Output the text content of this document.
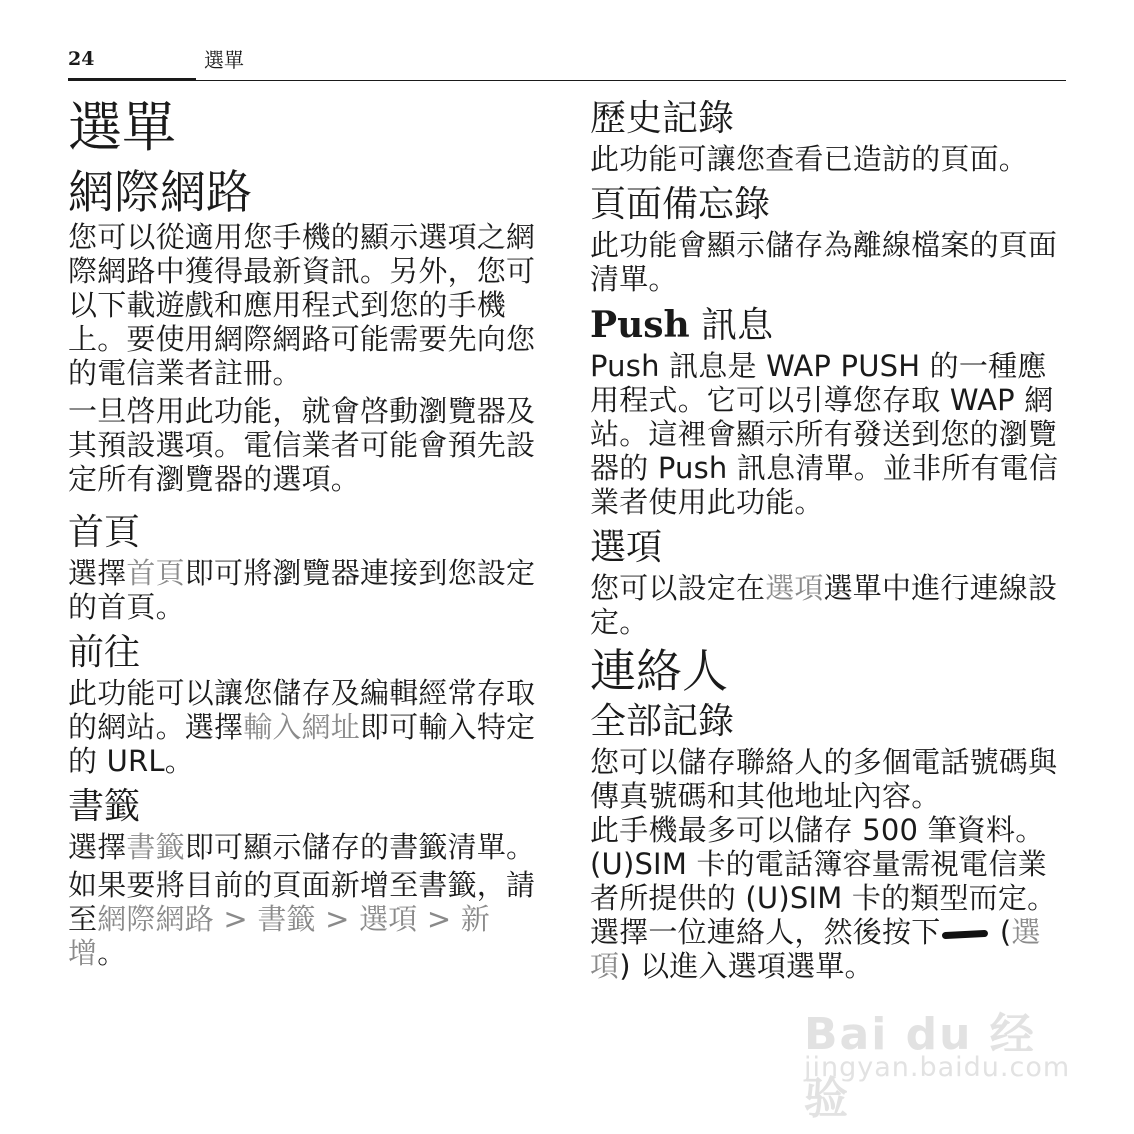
24	選單
選單
網際網路

您可以從適用您手機的顯示選項之網際網路中獲得最新資訊。另外，您可以下載遊戲和應用程式到您的手機上。要使用網際網路可能需要先向您的電信業者註冊。

一旦啓用此功能，就會啓動瀏覽器及其預設選項。電信業者可能會預先設定所有瀏覽器的選項。

首頁

選擇首頁即可將瀏覽器連接到您設定的首頁。

前往

此功能可以讓您儲存及編輯經常存取的網站。選擇輸入網址即可輸入特定的 URL。

書籤

選擇書籤即可顯示儲存的書籤清單。

如果要將目前的頁面新增至書籤，請至網際網路 > 書籤 > 選項 > 新增。

歷史記錄

此功能可讓您查看已造訪的頁面。

頁面備忘錄

此功能會顯示儲存為離線檔案的頁面清單。

Push 訊息

Push 訊息是 WAP PUSH 的一種應用程式。它可以引導您存取 WAP 網站。這裡會顯示所有發送到您的瀏覽器的 Push 訊息清單。並非所有電信業者使用此功能。

選項

您可以設定在選項選單中進行連線設定。

連絡人
全部記錄

您可以儲存聯絡人的多個電話號碼與傳真號碼和其他地址內容。

此手機最多可以儲存 500 筆資料。(U)SIM 卡的電話簿容量需視電信業者所提供的 (U)SIM 卡的類型而定。

選擇一位連絡人，然後按下 (選項) 以進入選項選單。

Bai du 经验
jingyan.baidu.com
